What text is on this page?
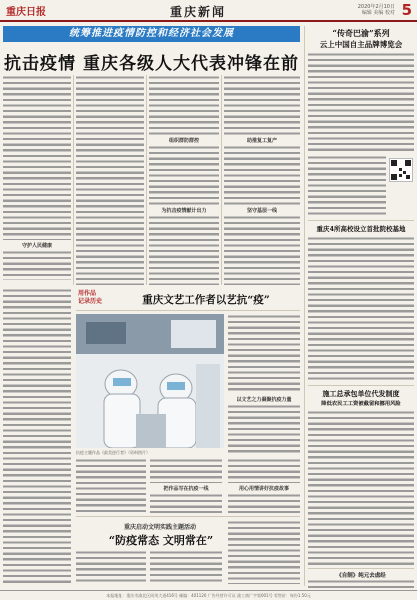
重庆日报	重庆新闻	2020年2月10日
编辑 美编 校对 5
统筹推进疫情防控和经济社会发展
抗击疫情 重庆各级人大代表冲锋在前
守护人民健康
组织群防群控
为抗击疫情献计出力
助推复工复产
坚守基层一线
用作品
记录历史	重庆文艺工作者以艺抗“疫”
抗疫主题作品《最美逆行者》（资料图片）
以文艺之力凝聚抗疫力量
把作品写在抗疫一线	用心用情讲好抗疫故事
重庆启动文明实践主题活动
“防疫常态 文明常在”
“传奇巴渝”系列
云上中国自主品牌博览会
重庆4所高校设立首批院校基地
施工总承包单位代发制度
降低农民工工资被截留和挪用风险
《自制》纯元去虐经
本报地址：重庆市渝北区同茂大道416号 邮编：401120 广告经营许可证 渝工商广字第001号 零售价：每份1.50元
